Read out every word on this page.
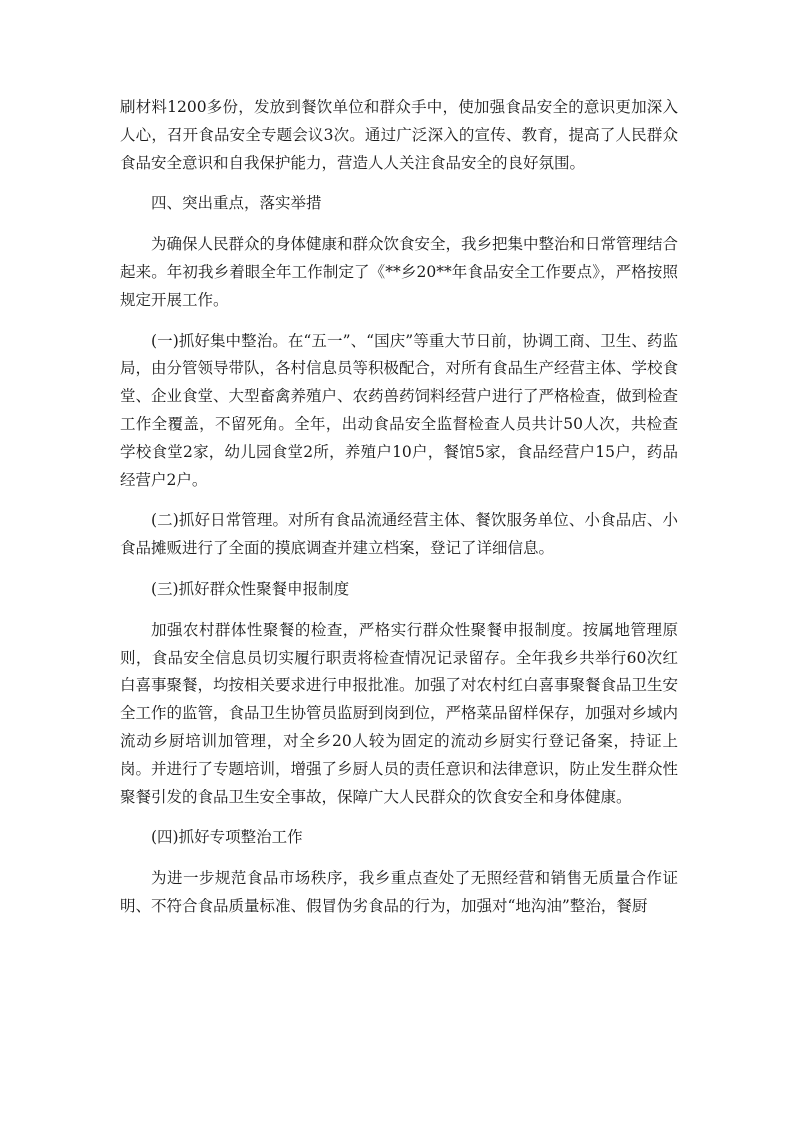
刷材料1200多份，发放到餐饮单位和群众手中，使加强食品安全的意识更加深入人心，召开食品安全专题会议3次。通过广泛深入的宣传、教育，提高了人民群众食品安全意识和自我保护能力，营造人人关注食品安全的良好氛围。

四、突出重点，落实举措

为确保人民群众的身体健康和群众饮食安全，我乡把集中整治和日常管理结合起来。年初我乡着眼全年工作制定了《**乡20**年食品安全工作要点》，严格按照规定开展工作。

(一)抓好集中整治。在“五一”、“国庆”等重大节日前，协调工商、卫生、药监局，由分管领导带队，各村信息员等积极配合，对所有食品生产经营主体、学校食堂、企业食堂、大型畜禽养殖户、农药兽药饲料经营户进行了严格检查，做到检查工作全覆盖，不留死角。全年，出动食品安全监督检查人员共计50人次，共检查学校食堂2家，幼儿园食堂2所，养殖户10户，餐馆5家，食品经营户15户，药品经营户2户。

(二)抓好日常管理。对所有食品流通经营主体、餐饮服务单位、小食品店、小食品摊贩进行了全面的摸底调查并建立档案，登记了详细信息。

(三)抓好群众性聚餐申报制度

加强农村群体性聚餐的检查，严格实行群众性聚餐申报制度。按属地管理原则，食品安全信息员切实履行职责将检查情况记录留存。全年我乡共举行60次红白喜事聚餐，均按相关要求进行申报批准。加强了对农村红白喜事聚餐食品卫生安全工作的监管，食品卫生协管员监厨到岗到位，严格菜品留样保存，加强对乡域内流动乡厨培训加管理，对全乡20人较为固定的流动乡厨实行登记备案，持证上岗。并进行了专题培训，增强了乡厨人员的责任意识和法律意识，防止发生群众性聚餐引发的食品卫生安全事故，保障广大人民群众的饮食安全和身体健康。

(四)抓好专项整治工作

为进一步规范食品市场秩序，我乡重点查处了无照经营和销售无质量合作证明、不符合食品质量标准、假冒伪劣食品的行为，加强对“地沟油”整治，餐厨
